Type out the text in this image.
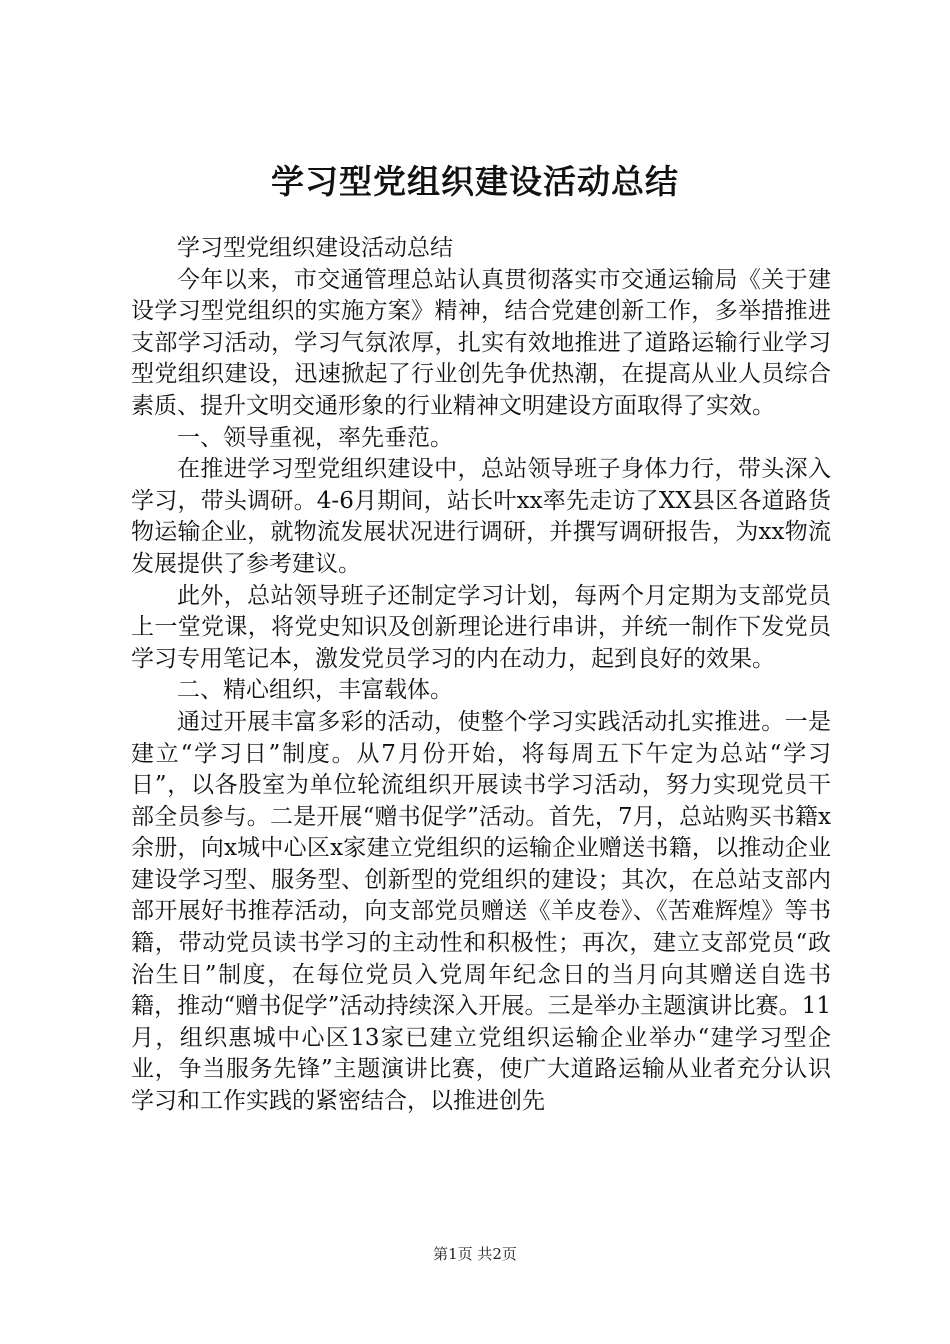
学习型党组织建设活动总结

学习型党组织建设活动总结

今年以来，市交通管理总站认真贯彻落实市交通运输局《关于建设学习型党组织的实施方案》精神，结合党建创新工作，多举措推进支部学习活动，学习气氛浓厚，扎实有效地推进了道路运输行业学习型党组织建设，迅速掀起了行业创先争优热潮，在提高从业人员综合素质、提升文明交通形象的行业精神文明建设方面取得了实效。

一、领导重视，率先垂范。

在推进学习型党组织建设中，总站领导班子身体力行，带头深入学习，带头调研。4-6月期间，站长叶xx率先走访了XX县区各道路货物运输企业，就物流发展状况进行调研，并撰写调研报告，为xx物流发展提供了参考建议。

此外，总站领导班子还制定学习计划，每两个月定期为支部党员上一堂党课，将党史知识及创新理论进行串讲，并统一制作下发党员学习专用笔记本，激发党员学习的内在动力，起到良好的效果。

二、精心组织，丰富载体。

通过开展丰富多彩的活动，使整个学习实践活动扎实推进。一是建立“学习日”制度。从7月份开始，将每周五下午定为总站“学习日”，以各股室为单位轮流组织开展读书学习活动，努力实现党员干部全员参与。二是开展“赠书促学”活动。首先，7月，总站购买书籍x余册，向x城中心区x家建立党组织的运输企业赠送书籍，以推动企业建设学习型、服务型、创新型的党组织的建设；其次，在总站支部内部开展好书推荐活动，向支部党员赠送《羊皮卷》、《苦难辉煌》等书籍，带动党员读书学习的主动性和积极性；再次，建立支部党员“政治生日”制度，在每位党员入党周年纪念日的当月向其赠送自选书籍，推动“赠书促学”活动持续深入开展。三是举办主题演讲比赛。11月，组织惠城中心区13家已建立党组织运输企业举办“建学习型企业，争当服务先锋”主题演讲比赛，使广大道路运输从业者充分认识学习和工作实践的紧密结合，以推进创先

第1页 共2页
